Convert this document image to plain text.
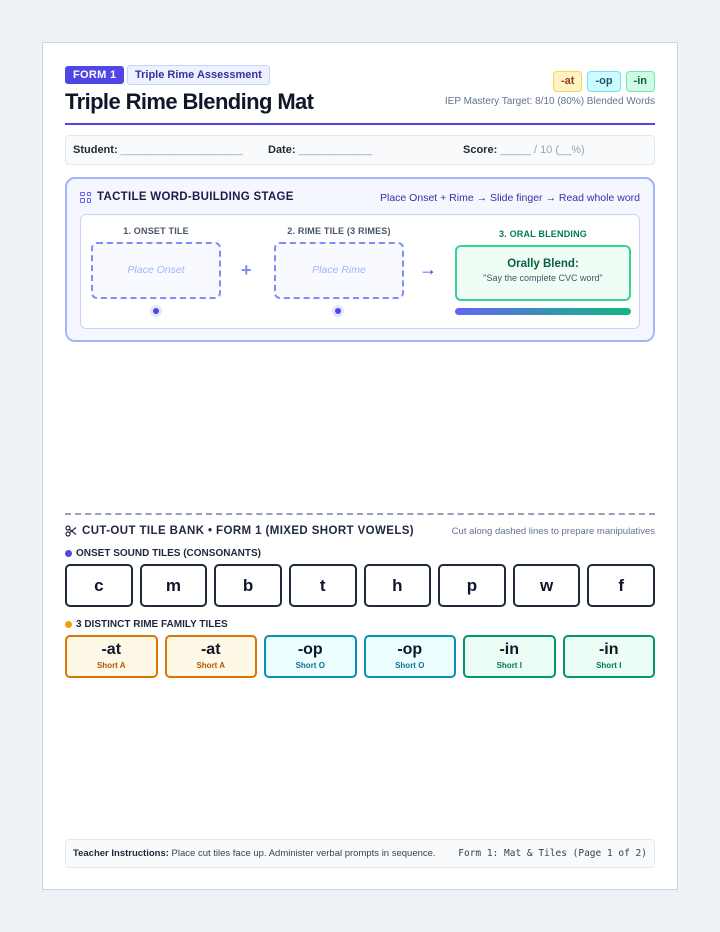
FORM 1	Triple Rime Assessment
Triple Rime Blending Mat
-at	-op	-in
IEP Mastery Target: 8/10 (80%) Blended Words
Student: ____________________ Date: ____________	Score: _____ / 10 (__%)
TACTILE WORD-BUILDING STAGE	Place Onset + Rime → Slide finger → Read whole word
1. ONSET TILE
Place Onset	+
2. RIME TILE (3 RIMES)
Place Rime	→
3. ORAL BLENDING
Orally Blend:
"Say the complete CVC word"
CUT-OUT TILE BANK • FORM 1 (MIXED SHORT VOWELS)	Cut along dashed lines to prepare manipulatives
ONSET SOUND TILES (CONSONANTS)
c	m	b	t	h	p	w	f
3 DISTINCT RIME FAMILY TILES
-at
Short A
-at
Short A
-op
Short O
-op
Short O
-in
Short I
-in
Short I
Teacher Instructions: Place cut tiles face up. Administer verbal prompts in sequence. Form 1: Mat & Tiles (Page 1 of 2)
